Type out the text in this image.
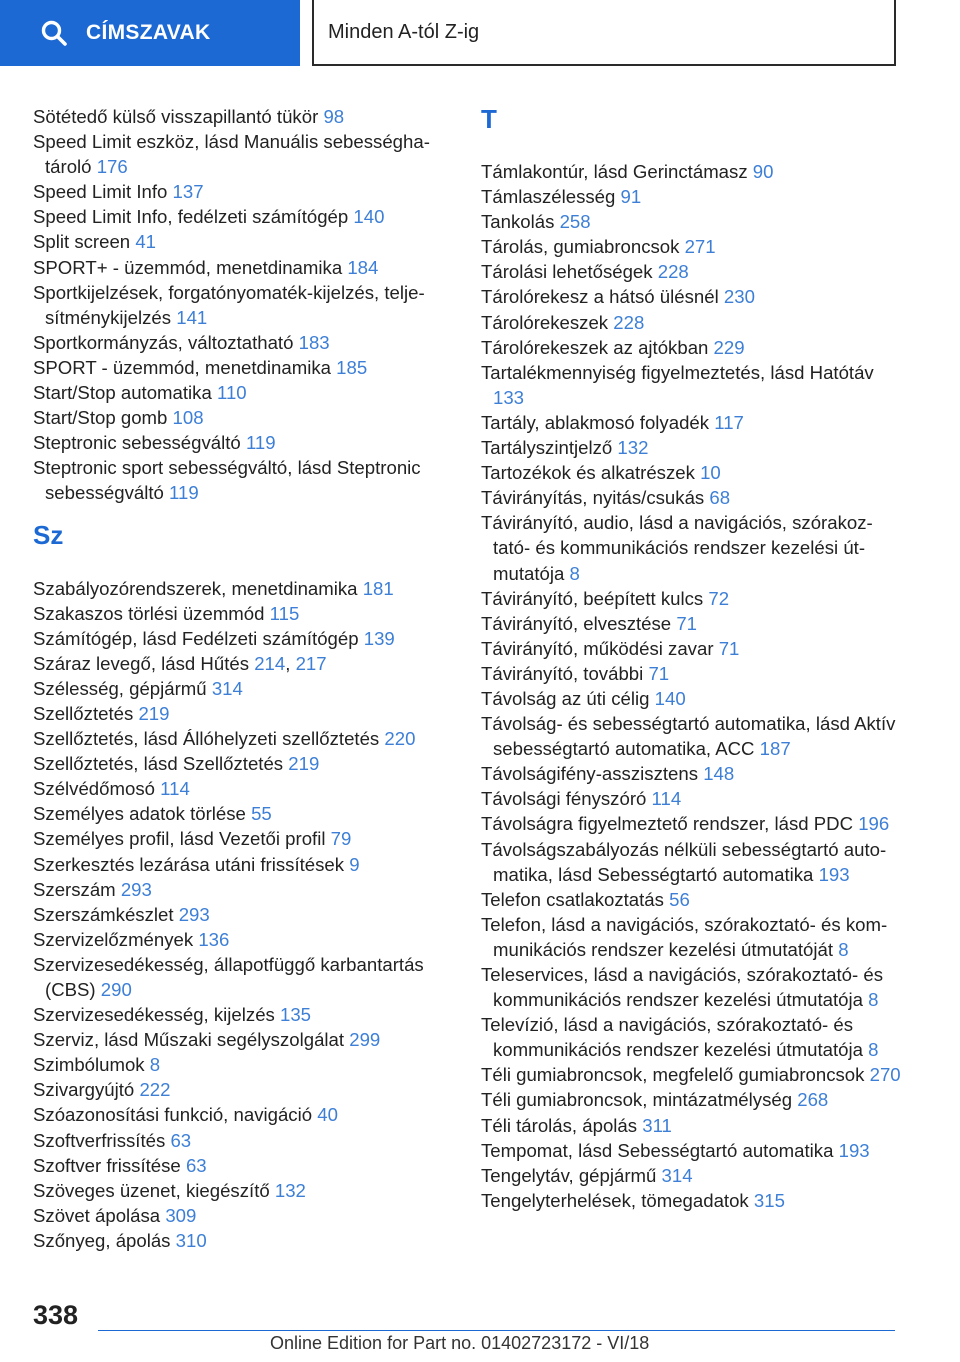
CÍMSZAVAK	Minden A-tól Z-ig
Sötétedő külső visszapillantó tükör 98
Speed Limit eszköz, lásd Manuális sebességhatároló 176
Speed Limit Info 137
Speed Limit Info, fedélzeti számítógép 140
Split screen 41
SPORT+ - üzemmód, menetdinamika 184
Sportkijelzések, forgatónyomaték-kijelzés, teljesítménykijelzés 141
Sportkormányzás, változtatható 183
SPORT - üzemmód, menetdinamika 185
Start/Stop automatika 110
Start/Stop gomb 108
Steptronic sebességváltó 119
Steptronic sport sebességváltó, lásd Steptronic sebességváltó 119
Sz
Szabályozórendszerek, menetdinamika 181
Szakaszos törlési üzemmód 115
Számítógép, lásd Fedélzeti számítógép 139
Száraz levegő, lásd Hűtés 214, 217
Szélesség, gépjármű 314
Szellőztetés 219
Szellőztetés, lásd Állóhelyzeti szellőztetés 220
Szellőztetés, lásd Szellőztetés 219
Szélvédőmosó 114
Személyes adatok törlése 55
Személyes profil, lásd Vezetői profil 79
Szerkesztés lezárása utáni frissítések 9
Szerszám 293
Szerszámkészlet 293
Szervizelőzmények 136
Szervizesedékesség, állapotfüggő karbantartás (CBS) 290
Szervizesedékesség, kijelzés 135
Szerviz, lásd Műszaki segélyszolgálat 299
Szimbólumok 8
Szivargyújtó 222
Szóazonosítási funkció, navigáció 40
Szoftverfrissítés 63
Szoftver frissítése 63
Szöveges üzenet, kiegészítő 132
Szövet ápolása 309
Szőnyeg, ápolás 310
T
Támlakontúr, lásd Gerinctámasz 90
Támlaszélesség 91
Tankolás 258
Tárolás, gumiabroncsok 271
Tárolási lehetőségek 228
Tárolórekesz a hátsó ülésnél 230
Tárolórekeszek 228
Tárolórekeszek az ajtókban 229
Tartalékmennyiség figyelmeztetés, lásd Hatótáv 133
Tartály, ablakmosó folyadék 117
Tartályszintjelző 132
Tartozékok és alkatrészek 10
Távirányítás, nyitás/csukás 68
Távirányító, audio, lásd a navigációs, szórakoztató- és kommunikációs rendszer kezelési útmutatója 8
Távirányító, beépített kulcs 72
Távirányító, elvesztése 71
Távirányító, működési zavar 71
Távirányító, további 71
Távolság az úti célig 140
Távolság- és sebességtartó automatika, lásd Aktív sebességtartó automatika, ACC 187
Távolságifény-asszisztens 148
Távolsági fényszóró 114
Távolságra figyelmeztető rendszer, lásd PDC 196
Távolságszabályozás nélküli sebességtartó automatika, lásd Sebességtartó automatika 193
Telefon csatlakoztatás 56
Telefon, lásd a navigációs, szórakoztató- és kommunikációs rendszer kezelési útmutatóját 8
Teleservices, lásd a navigációs, szórakoztató- és kommunikációs rendszer kezelési útmutatója 8
Televízió, lásd a navigációs, szórakoztató- és kommunikációs rendszer kezelési útmutatója 8
Téli gumiabroncsok, megfelelő gumiabroncsok 270
Téli gumiabroncsok, mintázatmélység 268
Téli tárolás, ápolás 311
Tempomat, lásd Sebességtartó automatika 193
Tengelytáv, gépjármű 314
Tengelyterhelések, tömegadatok 315
338
Online Edition for Part no. 01402723172 - VI/18
